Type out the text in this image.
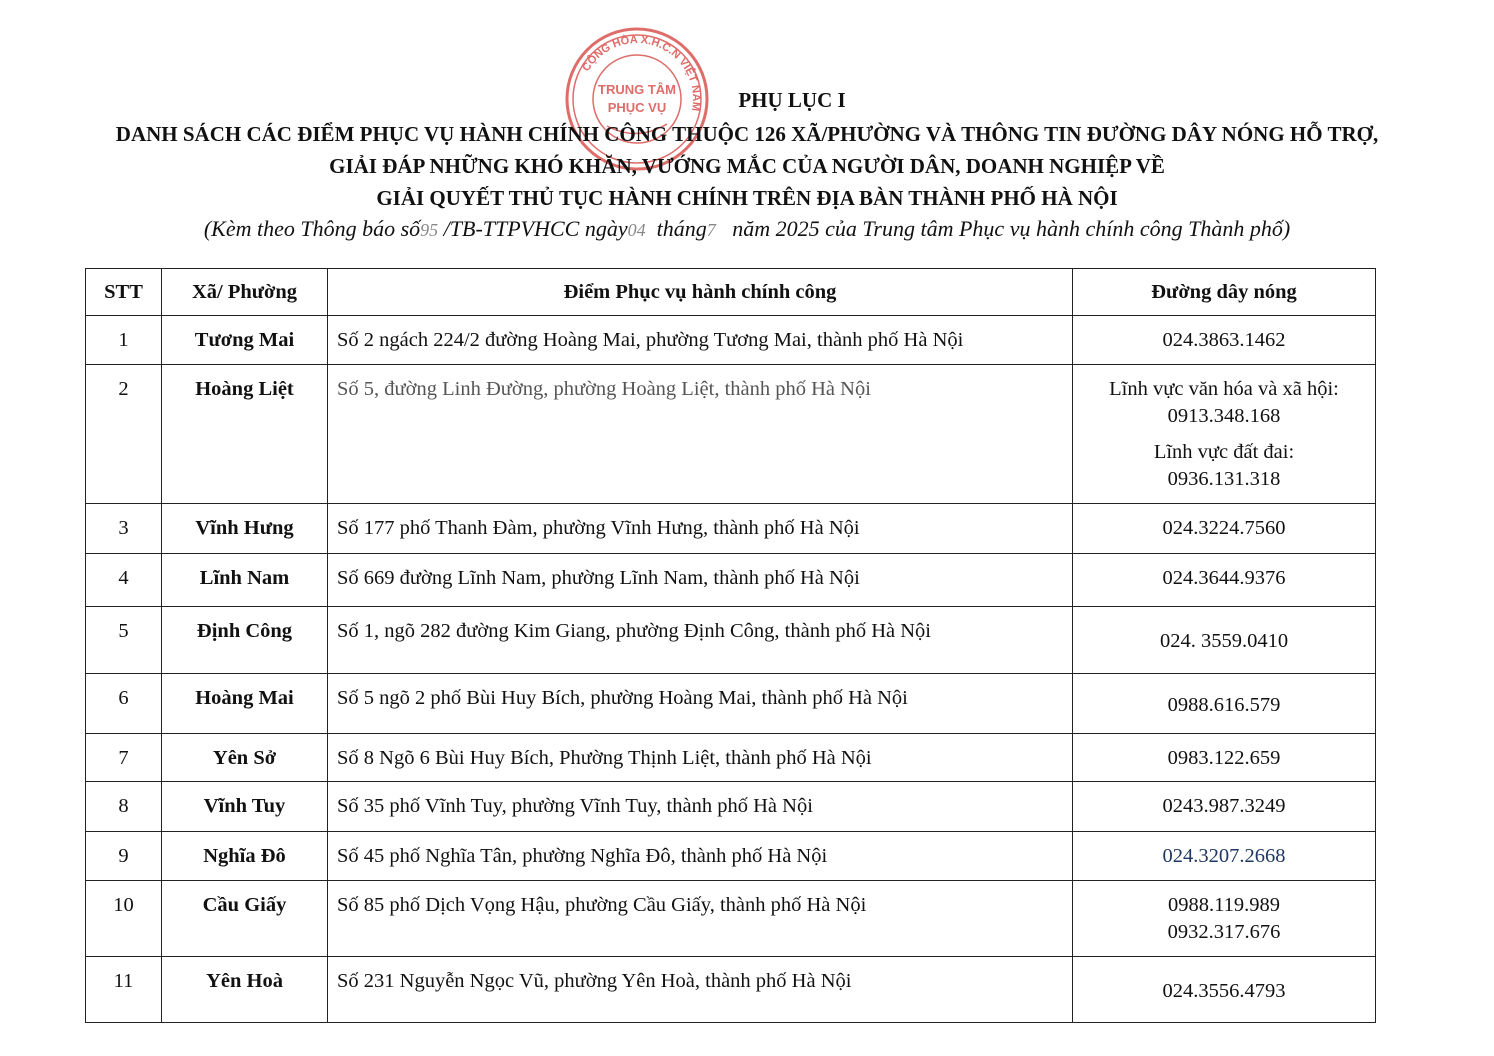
CỘNG HÒA X.H.C.N VIỆT NAM
TRUNG TÂM
PHỤC VỤ	PHỤ LỤC I

DANH SÁCH CÁC ĐIỂM PHỤC VỤ HÀNH CHÍNH CÔNG THUỘC 126 XÃ/PHƯỜNG VÀ THÔNG TIN ĐƯỜNG DÂY NÓNG HỖ TRỢ,

GIẢI ĐÁP NHỮNG KHÓ KHĂN, VƯỚNG MẮC CỦA NGƯỜI DÂN, DOANH NGHIỆP VỀ

GIẢI QUYẾT THỦ TỤC HÀNH CHÍNH TRÊN ĐỊA BÀN THÀNH PHỐ HÀ NỘI

(Kèm theo Thông báo số95 /TB-TTPVHCC ngày04 tháng7 năm 2025 của Trung tâm Phục vụ hành chính công Thành phố)

STT	Xã/ Phường	Điểm Phục vụ hành chính công	Đường dây nóng
1	Tương Mai	Số 2 ngách 224/2 đường Hoàng Mai, phường Tương Mai, thành phố Hà Nội	024.3863.1462
2	Hoàng Liệt	Số 5, đường Linh Đường, phường Hoàng Liệt, thành phố Hà Nội	Lĩnh vực văn hóa và xã hội:
0913.348.168
Lĩnh vực đất đai:
0936.131.318

3	Vĩnh Hưng	Số 177 phố Thanh Đàm, phường Vĩnh Hưng, thành phố Hà Nội	024.3224.7560
4	Lĩnh Nam	Số 669 đường Lĩnh Nam, phường Lĩnh Nam, thành phố Hà Nội	024.3644.9376
5	Định Công	Số 1, ngõ 282 đường Kim Giang, phường Định Công, thành phố Hà Nội	024. 3559.0410
6	Hoàng Mai	Số 5 ngõ 2 phố Bùi Huy Bích, phường Hoàng Mai, thành phố Hà Nội	0988.616.579
7	Yên Sở	Số 8 Ngõ 6 Bùi Huy Bích, Phường Thịnh Liệt, thành phố Hà Nội	0983.122.659
8	Vĩnh Tuy	Số 35 phố Vĩnh Tuy, phường Vĩnh Tuy, thành phố Hà Nội	0243.987.3249
9	Nghĩa Đô	Số 45 phố Nghĩa Tân, phường Nghĩa Đô, thành phố Hà Nội	024.3207.2668
10	Cầu Giấy	Số 85 phố Dịch Vọng Hậu, phường Cầu Giấy, thành phố Hà Nội	0988.119.989
0932.317.676

11	Yên Hoà	Số 231 Nguyễn Ngọc Vũ, phường Yên Hoà, thành phố Hà Nội	024.3556.4793
